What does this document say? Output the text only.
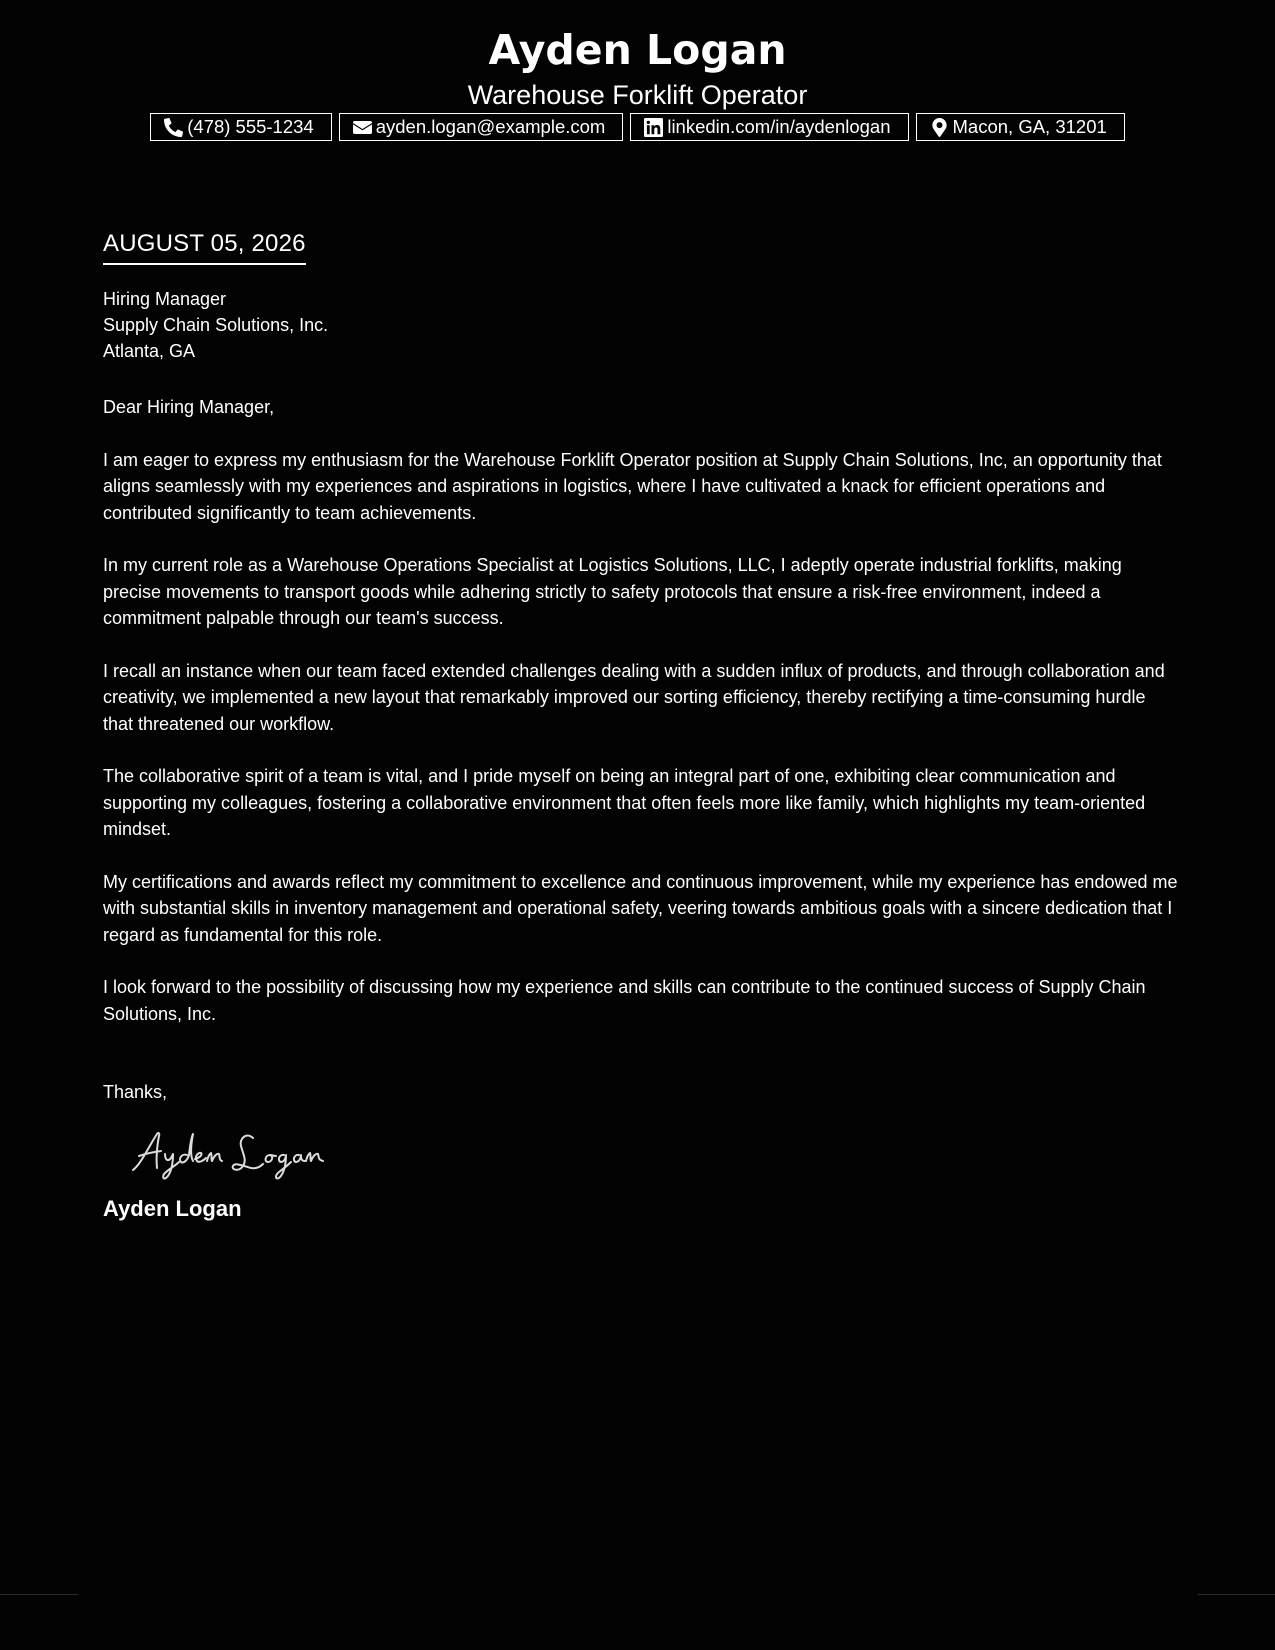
Ayden Logan
Warehouse Forklift Operator
(478) 555-1234	ayden.logan@example.com	linkedin.com/in/aydenlogan	Macon, GA, 31201
AUGUST 05, 2026
Hiring Manager
Supply Chain Solutions, Inc.
Atlanta, GA
Dear Hiring Manager,
I am eager to express my enthusiasm for the Warehouse Forklift Operator position at Supply Chain Solutions, Inc, an opportunity that aligns seamlessly with my experiences and aspirations in logistics, where I have cultivated a knack for efficient operations and contributed significantly to team achievements.
In my current role as a Warehouse Operations Specialist at Logistics Solutions, LLC, I adeptly operate industrial forklifts, making precise movements to transport goods while adhering strictly to safety protocols that ensure a risk-free environment, indeed a commitment palpable through our team's success.
I recall an instance when our team faced extended challenges dealing with a sudden influx of products, and through collaboration and creativity, we implemented a new layout that remarkably improved our sorting efficiency, thereby rectifying a time-consuming hurdle that threatened our workflow.
The collaborative spirit of a team is vital, and I pride myself on being an integral part of one, exhibiting clear communication and supporting my colleagues, fostering a collaborative environment that often feels more like family, which highlights my team-oriented mindset.
My certifications and awards reflect my commitment to excellence and continuous improvement, while my experience has endowed me with substantial skills in inventory management and operational safety, veering towards ambitious goals with a sincere dedication that I regard as fundamental for this role.
I look forward to the possibility of discussing how my experience and skills can contribute to the continued success of Supply Chain Solutions, Inc.
Thanks,
Ayden Logan
